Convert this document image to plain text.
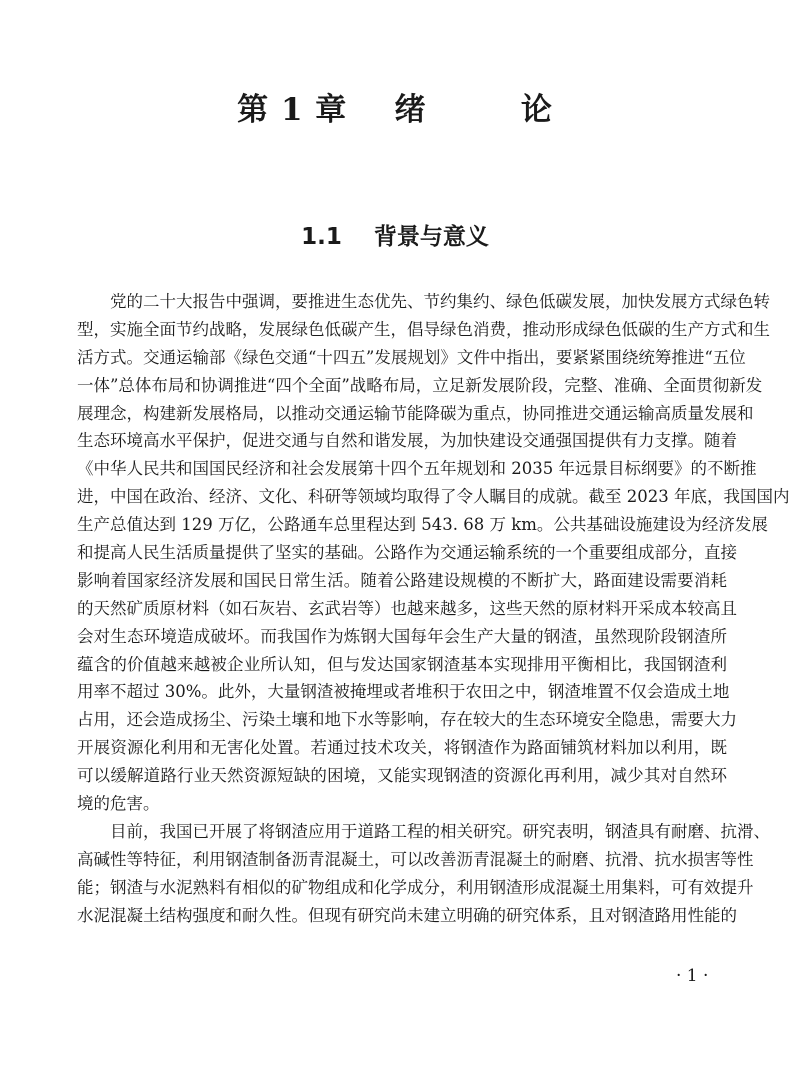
第 1 章    绪        论
1.1    背景与意义
党的二十大报告中强调，要推进生态优先、节约集约、绿色低碳发展，加快发展方式绿色转
型，实施全面节约战略，发展绿色低碳产生，倡导绿色消费，推动形成绿色低碳的生产方式和生
活方式。交通运输部《绿色交通“十四五”发展规划》文件中指出，要紧紧围绕统筹推进“五位
一体”总体布局和协调推进“四个全面”战略布局，立足新发展阶段，完整、准确、全面贯彻新发
展理念，构建新发展格局，以推动交通运输节能降碳为重点，协同推进交通运输高质量发展和
生态环境高水平保护，促进交通与自然和谐发展，为加快建设交通强国提供有力支撑。随着
《中华人民共和国国民经济和社会发展第十四个五年规划和 2035 年远景目标纲要》的不断推
进，中国在政治、经济、文化、科研等领域均取得了令人瞩目的成就。截至 2023 年底，我国国内
生产总值达到 129 万亿，公路通车总里程达到 543. 68 万 km。公共基础设施建设为经济发展
和提高人民生活质量提供了坚实的基础。公路作为交通运输系统的一个重要组成部分，直接
影响着国家经济发展和国民日常生活。随着公路建设规模的不断扩大，路面建设需要消耗
的天然矿质原材料（如石灰岩、玄武岩等）也越来越多，这些天然的原材料开采成本较高且
会对生态环境造成破坏。而我国作为炼钢大国每年会生产大量的钢渣，虽然现阶段钢渣所
蕴含的价值越来越被企业所认知，但与发达国家钢渣基本实现排用平衡相比，我国钢渣利
用率不超过 30%。此外，大量钢渣被掩埋或者堆积于农田之中，钢渣堆置不仅会造成土地
占用，还会造成扬尘、污染土壤和地下水等影响，存在较大的生态环境安全隐患，需要大力
开展资源化利用和无害化处置。若通过技术攻关，将钢渣作为路面铺筑材料加以利用，既
可以缓解道路行业天然资源短缺的困境，又能实现钢渣的资源化再利用，减少其对自然环
境的危害。
目前，我国已开展了将钢渣应用于道路工程的相关研究。研究表明，钢渣具有耐磨、抗滑、
高碱性等特征，利用钢渣制备沥青混凝土，可以改善沥青混凝土的耐磨、抗滑、抗水损害等性
能；钢渣与水泥熟料有相似的矿物组成和化学成分，利用钢渣形成混凝土用集料，可有效提升
水泥混凝土结构强度和耐久性。但现有研究尚未建立明确的研究体系，且对钢渣路用性能的
· 1 ·
